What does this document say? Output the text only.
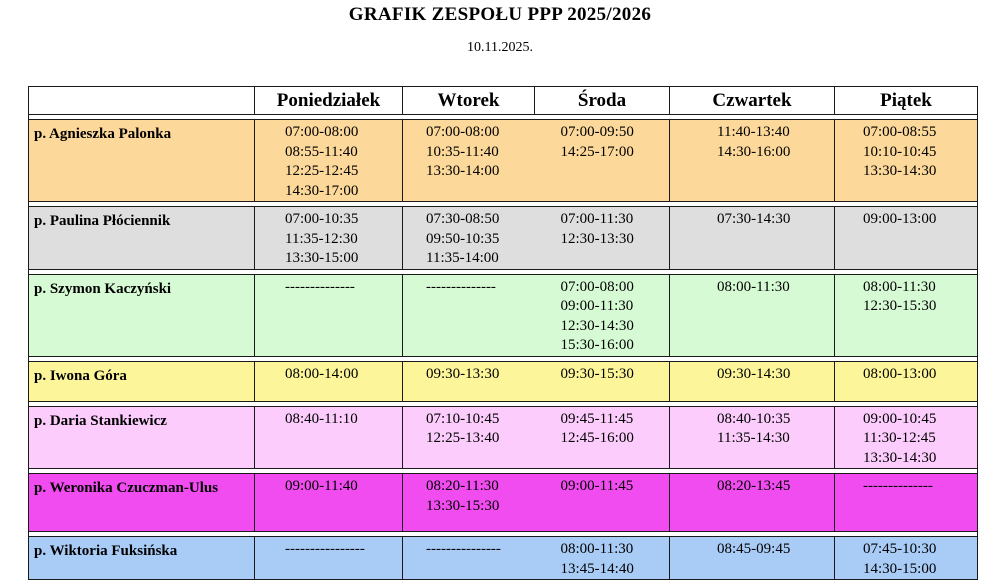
GRAFIK ZESPOŁU PPP 2025/2026
10.11.2025.
	Poniedziałek	Wtorek	Środa	Czwartek	Piątek

p. Agnieszka Palonka	07:00-08:00
08:55-11:40
12:25-12:45
14:30-17:00	07:00-08:00
10:35-11:40
13:30-14:00	07:00-09:50
14:25-17:00	11:40-13:40
14:30-16:00	07:00-08:55
10:10-10:45
13:30-14:30

p. Paulina Płóciennik	07:00-10:35
11:35-12:30
13:30-15:00	07:30-08:50
09:50-10:35
11:35-14:00	07:00-11:30
12:30-13:30	07:30-14:30	09:00-13:00

p. Szymon Kaczyński	--------------	--------------	07:00-08:00
09:00-11:30
12:30-14:30
15:30-16:00	08:00-11:30	08:00-11:30
12:30-15:30

p. Iwona Góra	08:00-14:00	09:30-13:30	09:30-15:30	09:30-14:30	08:00-13:00

p. Daria Stankiewicz	08:40-11:10	07:10-10:45
12:25-13:40	09:45-11:45
12:45-16:00	08:40-10:35
11:35-14:30	09:00-10:45
11:30-12:45
13:30-14:30

p. Weronika Czuczman-Ulus	09:00-11:40	08:20-11:30
13:30-15:30	09:00-11:45	08:20-13:45	--------------

p. Wiktoria Fuksińska	----------------	---------------	08:00-11:30
13:45-14:40	08:45-09:45	07:45-10:30
14:30-15:00
